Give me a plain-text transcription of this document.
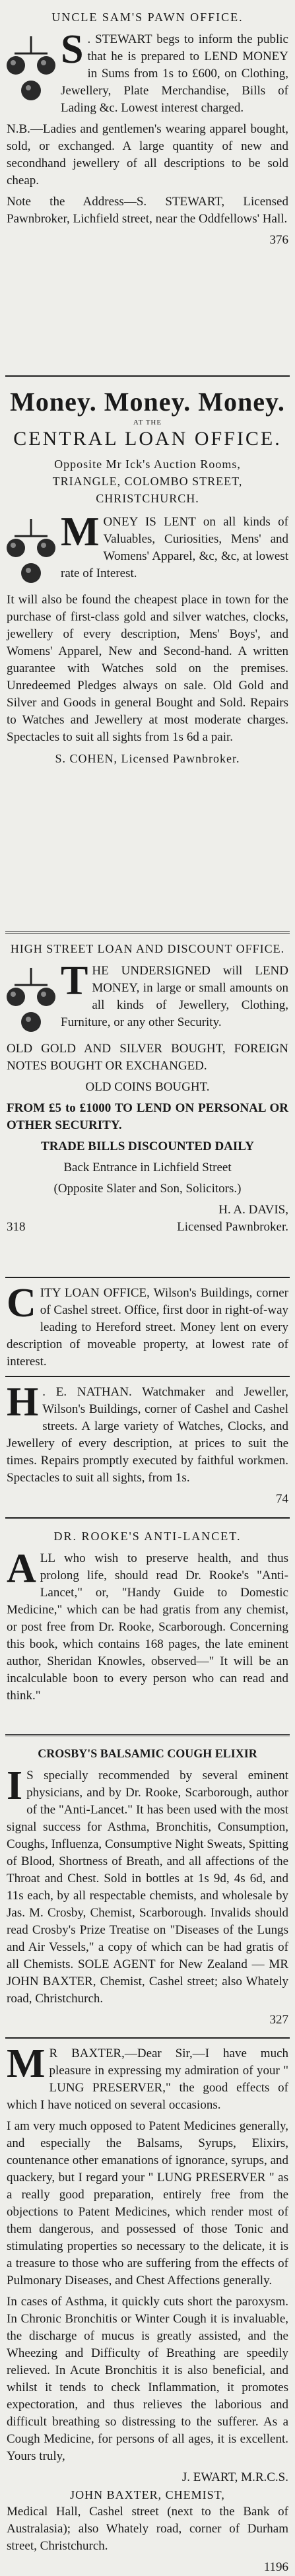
UNCLE SAM'S PAWN OFFICE.
S . STEWART begs to inform the public that he is prepared to LEND MONEY in Sums from 1s to £600, on Clothing, Jewellery, Plate Merchandise, Bills of Lading &c. Lowest interest charged.

N.B.—Ladies and gentlemen's wearing apparel bought, sold, or exchanged. A large quantity of new and secondhand jewellery of all descriptions to be sold cheap.

Note the Address—S. STEWART, Licensed Pawnbroker, Lichfield street, near the Oddfellows' Hall.

376
Money. Money. Money.
AT THE
CENTRAL LOAN OFFICE.
Opposite Mr Ick's Auction Rooms,
TRIANGLE, COLOMBO STREET,
CHRISTCHURCH.
M ONEY IS LENT on all kinds of Valuables, Curiosities, Mens' and Womens' Apparel, &c, &c, at lowest rate of Interest.

It will also be found the cheapest place in town for the purchase of first-class gold and silver watches, clocks, jewellery of every description, Mens' Boys', and Womens' Apparel, New and Second-hand. A written guarantee with Watches sold on the premises. Unredeemed Pledges always on sale. Old Gold and Silver and Goods in general Bought and Sold. Repairs to Watches and Jewellery at most moderate charges. Spectacles to suit all sights from 1s 6d a pair.

S. COHEN, Licensed Pawnbroker.
HIGH STREET LOAN AND DISCOUNT OFFICE.
T HE UNDERSIGNED will LEND MONEY, in large or small amounts on all kinds of Jewellery, Clothing, Furniture, or any other Security.

OLD GOLD AND SILVER BOUGHT, FOREIGN NOTES BOUGHT OR EXCHANGED.

OLD COINS BOUGHT.

FROM £5 to £1000 TO LEND ON PERSONAL OR OTHER SECURITY.

TRADE BILLS DISCOUNTED DAILY

Back Entrance in Lichfield Street

(Opposite Slater and Son, Solicitors.)

H. A. DAVIS,
318	Licensed Pawnbroker.
C ITY LOAN OFFICE, Wilson's Buildings, corner of Cashel street. Office, first door in right-of-way leading to Hereford street. Money lent on every description of moveable property, at lowest rate of interest.

H . E. NATHAN. Watchmaker and Jeweller, Wilson's Buildings, corner of Cashel and Cashel streets. A large variety of Watches, Clocks, and Jewellery of every description, at prices to suit the times. Repairs promptly executed by faithful workmen. Spectacles to suit all sights, from 1s.

74
DR. ROOKE'S ANTI-LANCET.
A LL who wish to preserve health, and thus prolong life, should read Dr. Rooke's "Anti-Lancet," or, "Handy Guide to Domestic Medicine," which can be had gratis from any chemist, or post free from Dr. Rooke, Scarborough. Concerning this book, which contains 168 pages, the late eminent author, Sheridan Knowles, observed—" It will be an incalculable boon to every person who can read and think."

CROSBY'S BALSAMIC COUGH ELIXIR
I S specially recommended by several eminent physicians, and by Dr. Rooke, Scarborough, author of the "Anti-Lancet." It has been used with the most signal success for Asthma, Bronchitis, Consumption, Coughs, Influenza, Consumptive Night Sweats, Spitting of Blood, Shortness of Breath, and all affections of the Throat and Chest. Sold in bottles at 1s 9d, 4s 6d, and 11s each, by all respectable chemists, and wholesale by Jas. M. Crosby, Chemist, Scarborough. Invalids should read Crosby's Prize Treatise on "Diseases of the Lungs and Air Vessels," a copy of which can be had gratis of all Chemists. SOLE AGENT for New Zealand — MR JOHN BAXTER, Chemist, Cashel street; also Whately road, Christchurch.

327
M R BAXTER,—Dear Sir,—I have much pleasure in expressing my admiration of your " LUNG PRESERVER," the good effects of which I have noticed on several occasions.

I am very much opposed to Patent Medicines generally, and especially the Balsams, Syrups, Elixirs, countenance other emanations of ignorance, syrups, and quackery, but I regard your " LUNG PRESERVER " as a really good preparation, entirely free from the objections to Patent Medicines, which render most of them dangerous, and possessed of those Tonic and stimulating properties so necessary to the delicate, it is a treasure to those who are suffering from the effects of Pulmonary Diseases, and Chest Affections generally.

In cases of Asthma, it quickly cuts short the paroxysm. In Chronic Bronchitis or Winter Cough it is invaluable, the discharge of mucus is greatly assisted, and the Wheezing and Difficulty of Breathing are speedily relieved. In Acute Bronchitis it is also beneficial, and whilst it tends to check Inflammation, it promotes expectoration, and thus relieves the laborious and difficult breathing so distressing to the sufferer. As a Cough Medicine, for persons of all ages, it is excellent. Yours truly,

J. EWART, M.R.C.S.
JOHN BAXTER, CHEMIST,

Medical Hall, Cashel street (next to the Bank of Australasia); also Whately road, corner of Durham street, Christchurch.

1196
